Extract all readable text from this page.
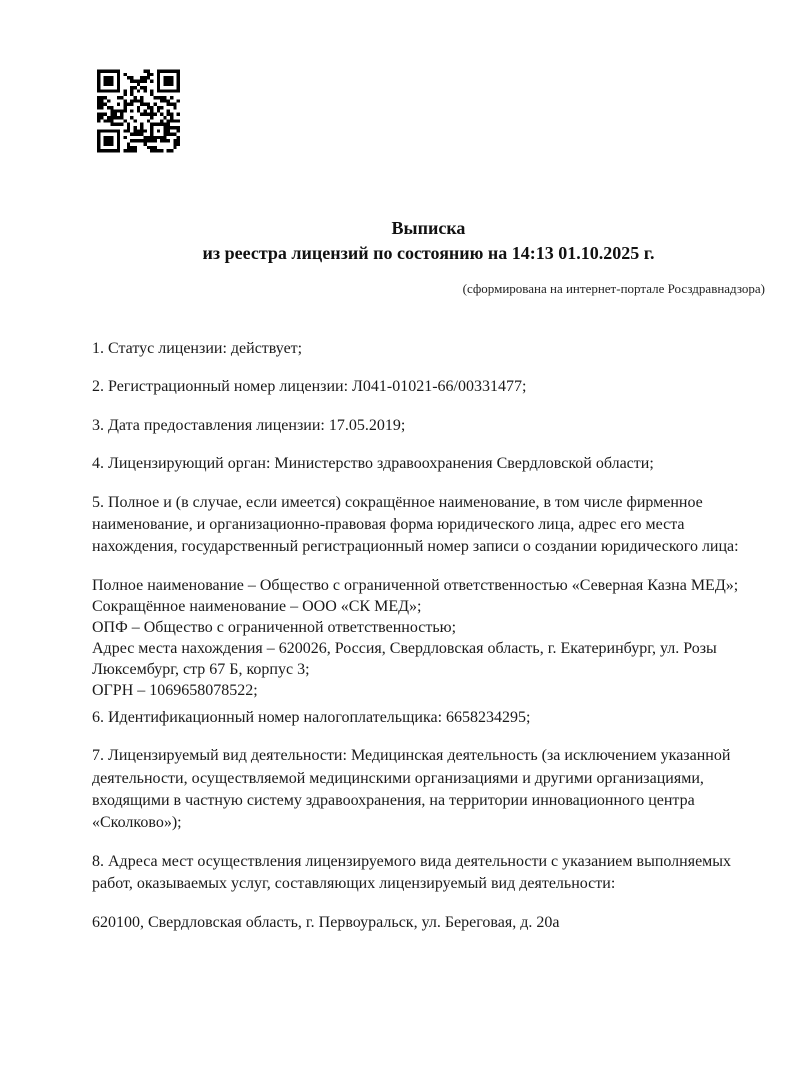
Выписка
из реестра лицензий по состоянию на 14:13 01.10.2025 г.
(сформирована на интернет-портале Росздравнадзора)

1. Статус лицензии: действует;

2. Регистрационный номер лицензии: Л041-01021-66/00331477;

3. Дата предоставления лицензии: 17.05.2019;

4. Лицензирующий орган: Министерство здравоохранения Свердловской области;

5. Полное и (в случае, если имеется) сокращённое наименование, в том числе фирменное наименование, и организационно-правовая форма юридического лица, адрес его места нахождения, государственный регистрационный номер записи о создании юридического лица:

Полное наименование – Общество с ограниченной ответственностью «Северная Казна МЕД»;

Сокращённое наименование – ООО «СК МЕД»;

ОПФ – Общество с ограниченной ответственностью;

Адрес места нахождения – 620026, Россия, Свердловская область, г. Екатеринбург, ул. Розы Люксембург, стр 67 Б, корпус 3;

ОГРН – 1069658078522;

6. Идентификационный номер налогоплательщика: 6658234295;

7. Лицензируемый вид деятельности: Медицинская деятельность (за исключением указанной деятельности, осуществляемой медицинскими организациями и другими организациями, входящими в частную систему здравоохранения, на территории инновационного центра «Сколково»);

8. Адреса мест осуществления лицензируемого вида деятельности с указанием выполняемых работ, оказываемых услуг, составляющих лицензируемый вид деятельности:

620100, Свердловская область, г. Первоуральск, ул. Береговая, д. 20а
